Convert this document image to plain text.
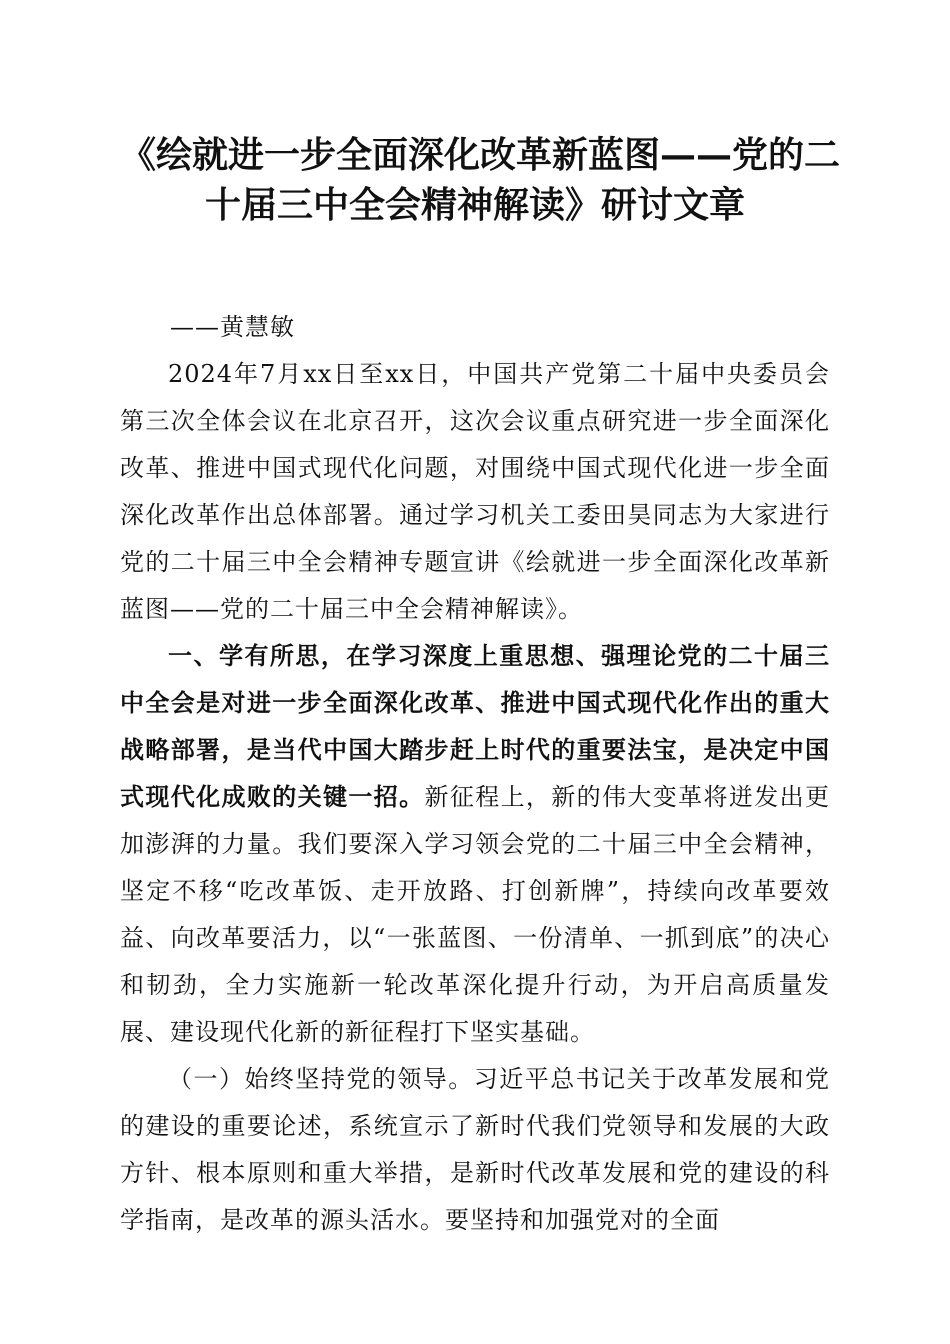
《绘就进一步全面深化改革新蓝图——党的二
十届三中全会精神解读》研讨文章

——黄慧敏

2024年7月xx日至xx日，中国共产党第二十届中央委员会第三次全体会议在北京召开，这次会议重点研究进一步全面深化改革、推进中国式现代化问题，对围绕中国式现代化进一步全面深化改革作出总体部署。通过学习机关工委田昊同志为大家进行党的二十届三中全会精神专题宣讲《绘就进一步全面深化改革新蓝图——党的二十届三中全会精神解读》。

一、学有所思，在学习深度上重思想、强理论党的二十届三中全会是对进一步全面深化改革、推进中国式现代化作出的重大战略部署，是当代中国大踏步赶上时代的重要法宝，是决定中国式现代化成败的关键一招。新征程上，新的伟大变革将迸发出更加澎湃的力量。我们要深入学习领会党的二十届三中全会精神，坚定不移“吃改革饭、走开放路、打创新牌”，持续向改革要效益、向改革要活力，以“一张蓝图、一份清单、一抓到底”的决心和韧劲，全力实施新一轮改革深化提升行动，为开启高质量发展、建设现代化新的新征程打下坚实基础。

（一）始终坚持党的领导。习近平总书记关于改革发展和党的建设的重要论述，系统宣示了新时代我们党领导和发展的大政方针、根本原则和重大举措，是新时代改革发展和党的建设的科学指南，是改革的源头活水。要坚持和加强党对的全面
